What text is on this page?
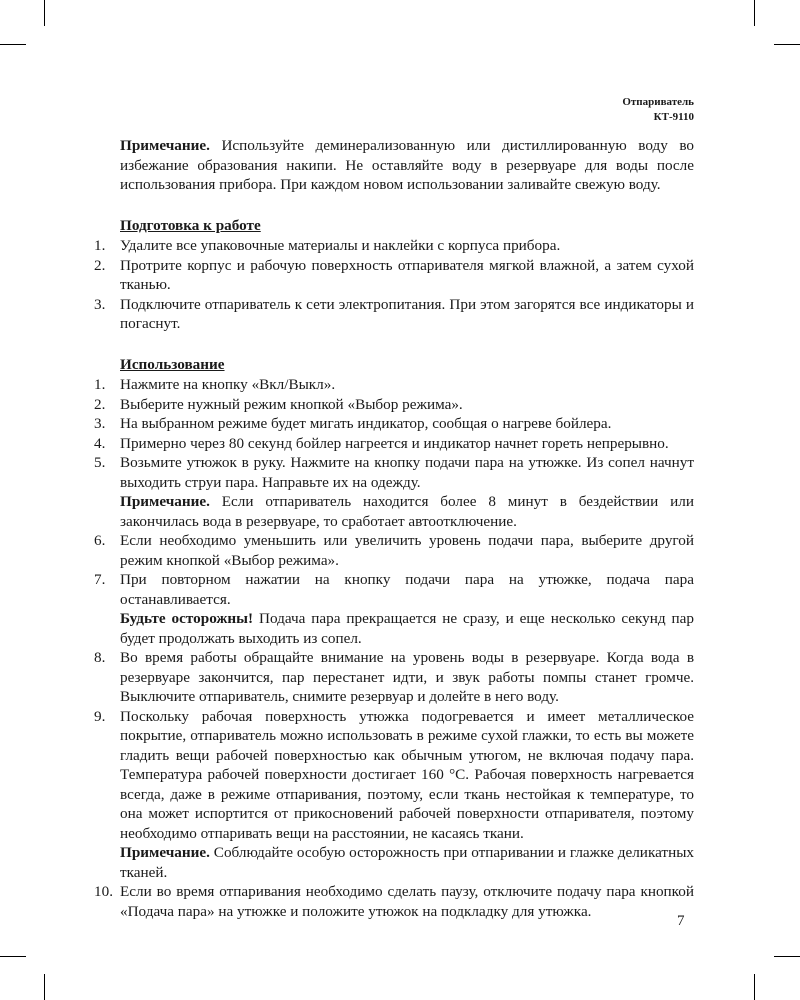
Отпариватель
КТ-9110

Примечание. Используйте деминерализованную или дистиллированную воду во избежание образования накипи. Не оставляйте воду в резервуаре для воды после использования прибора. При каждом новом использовании заливайте свежую воду.

Подготовка к работе
1. Удалите все упаковочные материалы и наклейки с корпуса прибора.
2. Протрите корпус и рабочую поверхность отпаривателя мягкой влажной, а затем сухой тканью.
3. Подключите отпариватель к сети электропитания. При этом загорятся все индикаторы и погаснут.
Использование
1. Нажмите на кнопку «Вкл/Выкл».
2. Выберите нужный режим кнопкой «Выбор режима».
3. На выбранном режиме будет мигать индикатор, сообщая о нагреве бойлера.
4. Примерно через 80 секунд бойлер нагреется и индикатор начнет гореть непрерывно.
5. Возьмите утюжок в руку. Нажмите на кнопку подачи пара на утюжке. Из сопел начнут выходить струи пара. Направьте их на одежду.
Примечание. Если отпариватель находится более 8 минут в бездействии или закончилась вода в резервуаре, то сработает автоотключение.
6. Если необходимо уменьшить или увеличить уровень подачи пара, выберите другой режим кнопкой «Выбор режима».
7. При повторном нажатии на кнопку подачи пара на утюжке, подача пара останавливается.
Будьте осторожны! Подача пара прекращается не сразу, и еще несколько секунд пар будет продолжать выходить из сопел.
8. Во время работы обращайте внимание на уровень воды в резервуаре. Когда вода в резервуаре закончится, пар перестанет идти, и звук работы помпы станет громче. Выключите отпариватель, снимите резервуар и долейте в него воду.
9. Поскольку рабочая поверхность утюжка подогревается и имеет металлическое покрытие, отпариватель можно использовать в режиме сухой глажки, то есть вы можете гладить вещи рабочей поверхностью как обычным утюгом, не включая подачу пара. Температура рабочей поверхности достигает 160 °С. Рабочая поверхность нагревается всегда, даже в режиме отпаривания, поэтому, если ткань нестойкая к температуре, то она может испортится от прикосновений рабочей поверхности отпаривателя, поэтому необходимо отпаривать вещи на расстоянии, не касаясь ткани.
Примечание. Соблюдайте особую осторожность при отпаривании и глажке деликатных тканей.
10. Если во время отпаривания необходимо сделать паузу, отключите подачу пара кнопкой «Подача пара» на утюжке и положите утюжок на подкладку для утюжка.
7
